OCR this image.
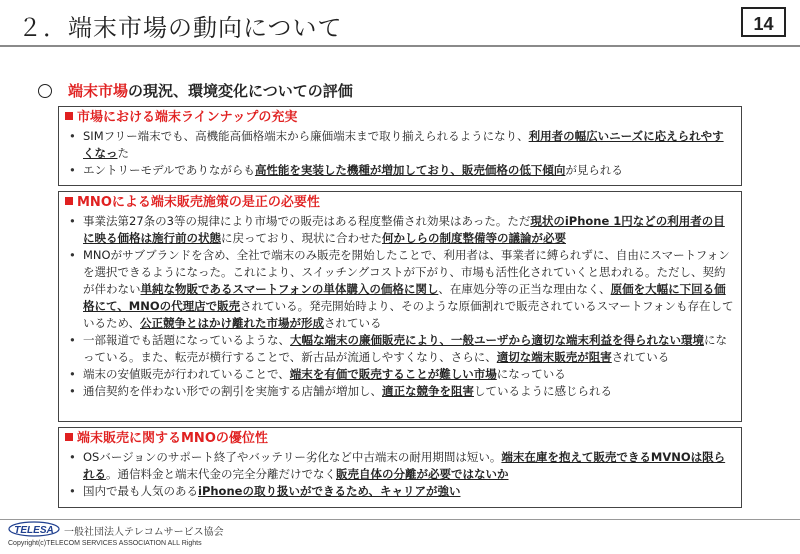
２．端末市場の動向について	14
端末市場の現況、環境変化についての評価
市場における端末ラインナップの充実
• SIMフリー端末でも、高機能高価格端末から廉価端末まで取り揃えられるようになり、利用者の幅広いニーズに応えられやすくなった
• エントリーモデルでありながらも高性能を実装した機種が増加しており、販売価格の低下傾向が見られる
MNOによる端末販売施策の是正の必要性
• 事業法第27条の3等の規律により市場での販売はある程度整備され効果はあった。ただ現状のiPhone 1円などの利用者の目に映る価格は施行前の状態に戻っており、現状に合わせた何かしらの制度整備等の議論が必要
• MNOがサブブランドを含め、全社で端末のみ販売を開始したことで、利用者は、事業者に縛られずに、自由にスマートフォンを選択できるようになった。これにより、スイッチングコストが下がり、市場も活性化されていくと思われる。ただし、契約が伴わない単純な物販であるスマートフォンの単体購入の価格に関し、在庫処分等の正当な理由なく、原価を大幅に下回る価格にて、MNOの代理店で販売されている。発売開始時より、そのような原価割れで販売されているスマートフォンも存在しているため、公正競争とはかけ離れた市場が形成されている
• 一部報道でも話題になっているような、大幅な端末の廉価販売により、一般ユーザから適切な端末利益を得られない環境になっている。また、転売が横行することで、新古品が流通しやすくなり、さらに、適切な端末販売が阻害されている
• 端末の安値販売が行われていることで、端末を有価で販売することが難しい市場になっている
• 通信契約を伴わない形での割引を実施する店舗が増加し、適正な競争を阻害しているように感じられる
端末販売に関するMNOの優位性
• OSバージョンのサポート終了やバッテリー劣化など中古端末の耐用期間は短い。端末在庫を抱えて販売できるMVNOは限られる。通信料金と端末代金の完全分離だけでなく販売自体の分離が必要ではないか
• 国内で最も人気のあるiPhoneの取り扱いができるため、キャリアが強い
TELESA 一般社団法人テレコムサービス協会
Copyright(c)TELECOM SERVICES ASSOCIATION ALL Rights
